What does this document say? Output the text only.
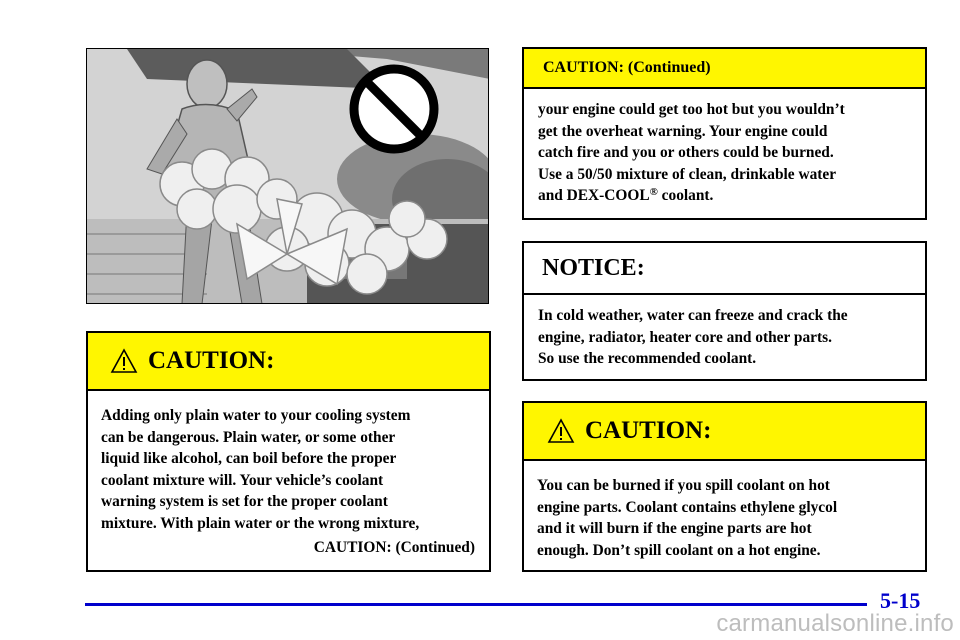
CAUTION:
Adding only plain water to your cooling system
can be dangerous. Plain water, or some other
liquid like alcohol, can boil before the proper
coolant mixture will. Your vehicle’s coolant
warning system is set for the proper coolant
mixture. With plain water or the wrong mixture,
CAUTION: (Continued)
CAUTION: (Continued)
your engine could get too hot but you wouldn’t
get the overheat warning. Your engine could
catch fire and you or others could be burned.
Use a 50/50 mixture of clean, drinkable water
and DEX-COOL® coolant.
NOTICE:
In cold weather, water can freeze and crack the
engine, radiator, heater core and other parts.
So use the recommended coolant.
CAUTION:
You can be burned if you spill coolant on hot
engine parts. Coolant contains ethylene glycol
and it will burn if the engine parts are hot
enough. Don’t spill coolant on a hot engine.
5-15
carmanualsonline.info
